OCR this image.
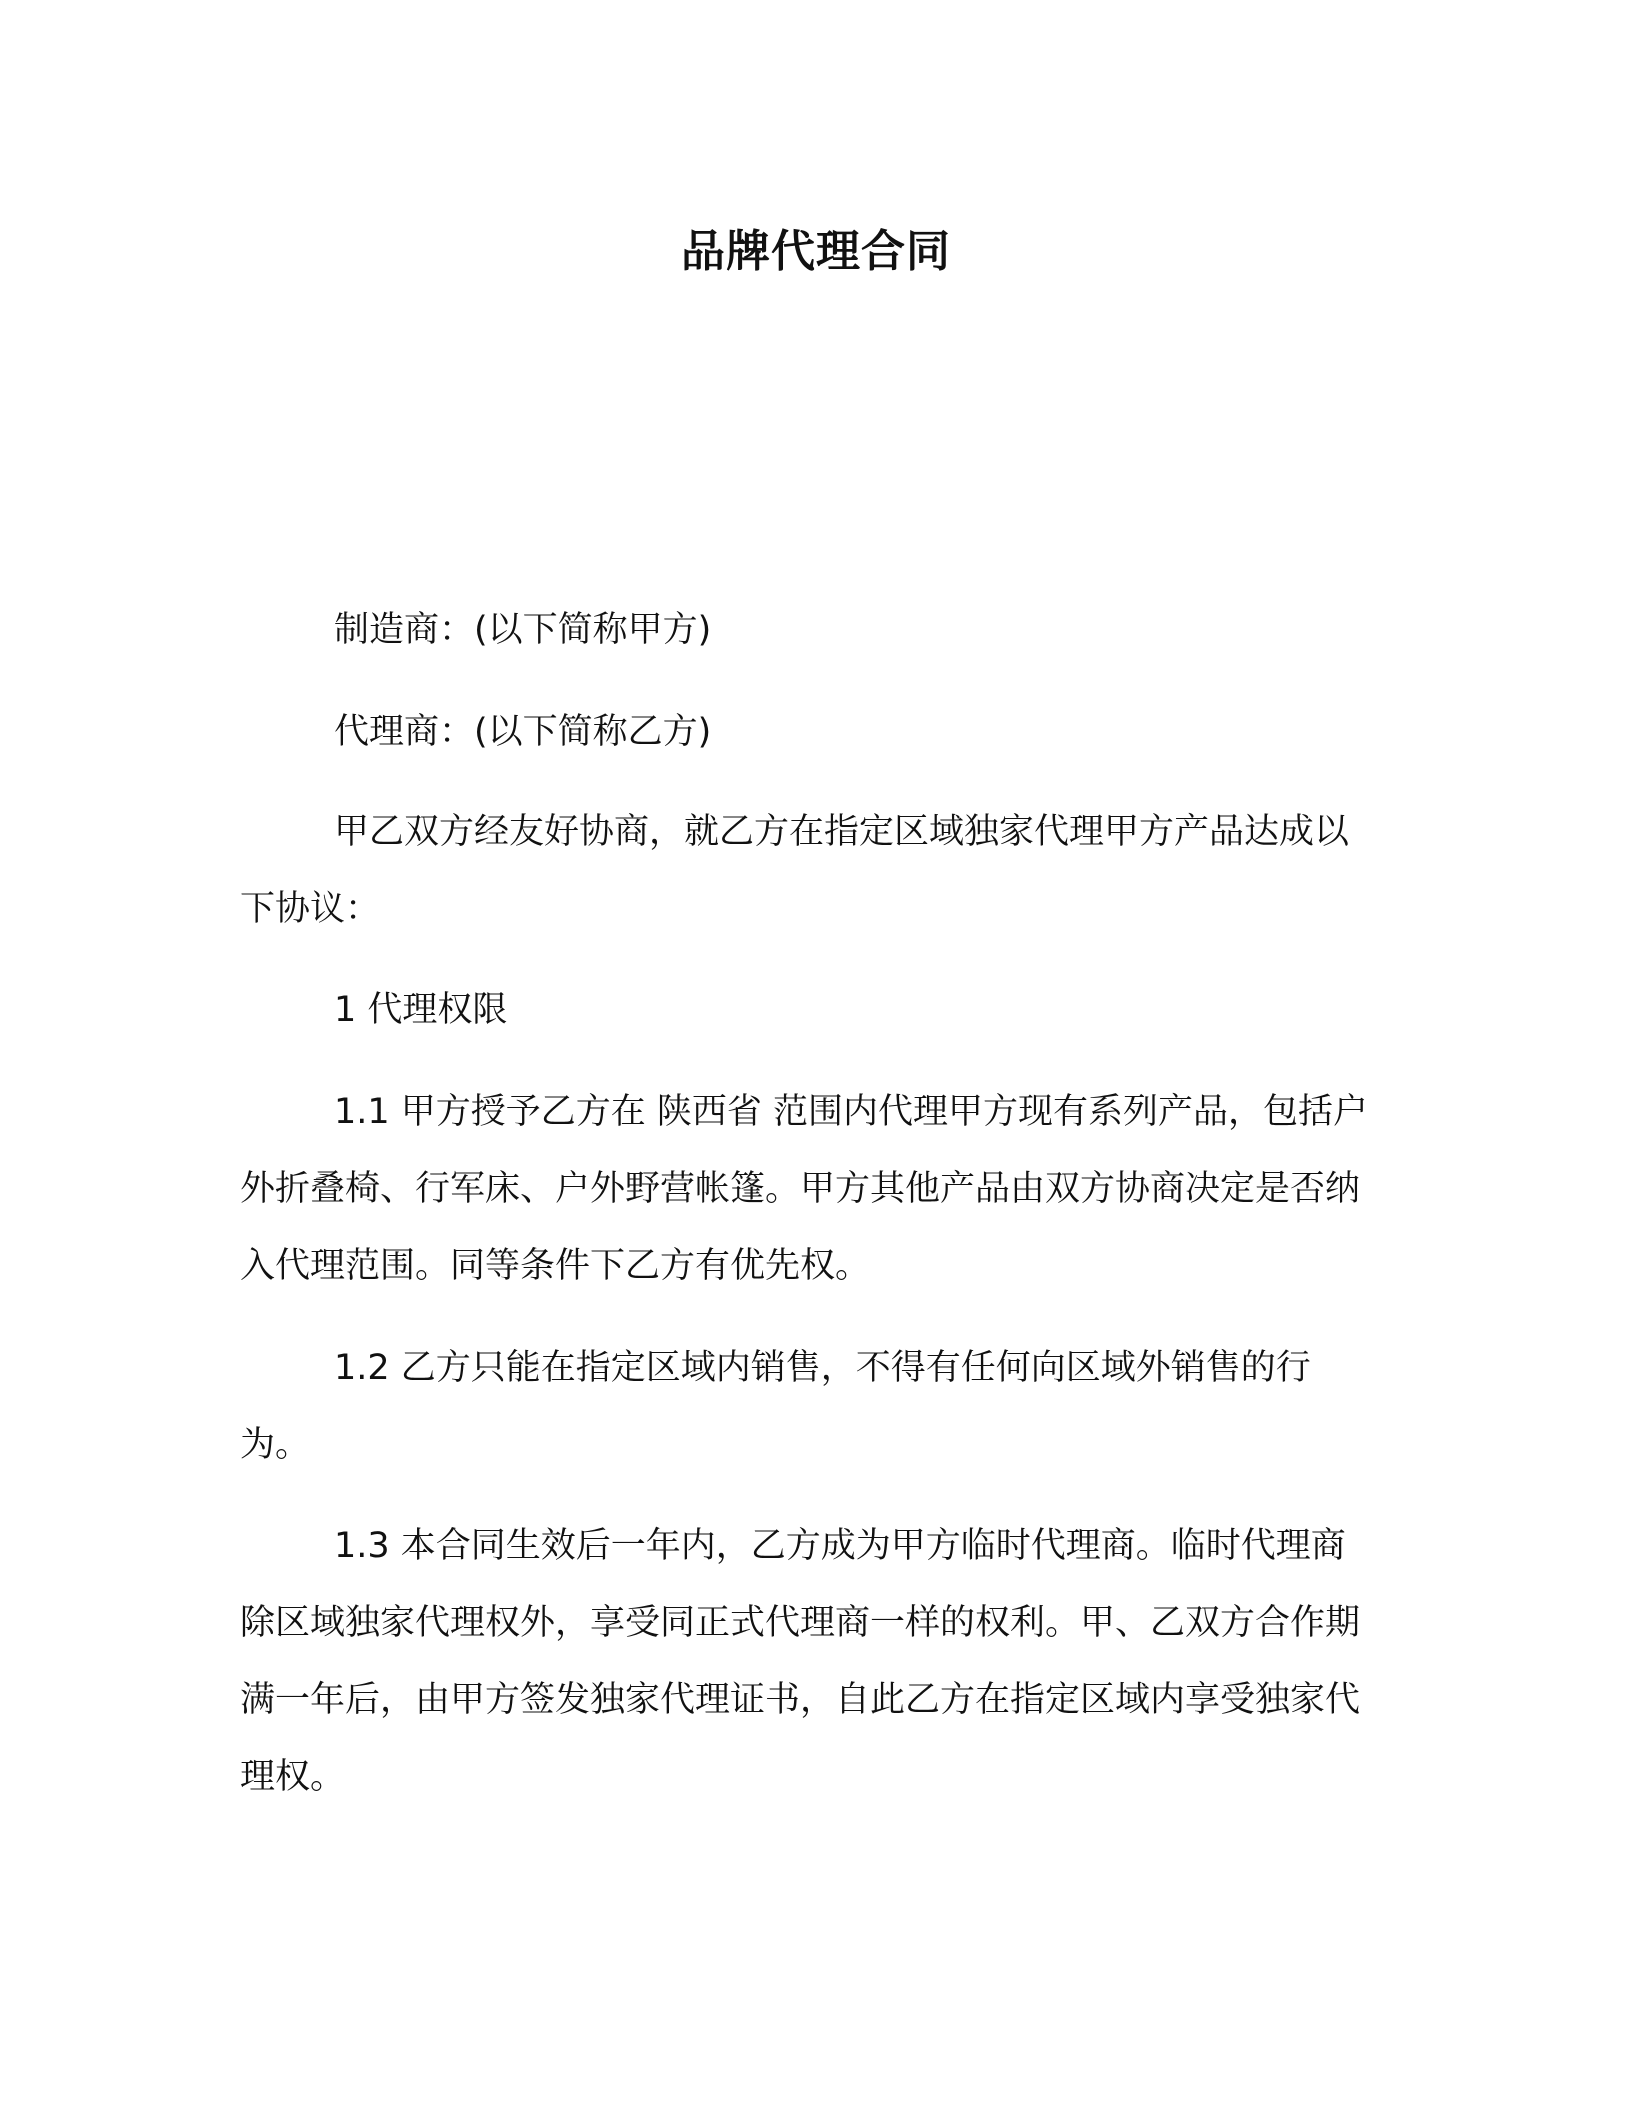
品牌代理合同

制造商：(以下简称甲方)

代理商：(以下简称乙方)

甲乙双方经友好协商，就乙方在指定区域独家代理甲方产品达成以下协议：

1 代理权限

1.1 甲方授予乙方在 陕西省 范围内代理甲方现有系列产品，包括户外折叠椅、行军床、户外野营帐篷。甲方其他产品由双方协商决定是否纳入代理范围。同等条件下乙方有优先权。

1.2 乙方只能在指定区域内销售，不得有任何向区域外销售的行为。

1.3 本合同生效后一年内，乙方成为甲方临时代理商。临时代理商除区域独家代理权外，享受同正式代理商一样的权利。甲、乙双方合作期满一年后，由甲方签发独家代理证书，自此乙方在指定区域内享受独家代理权。
